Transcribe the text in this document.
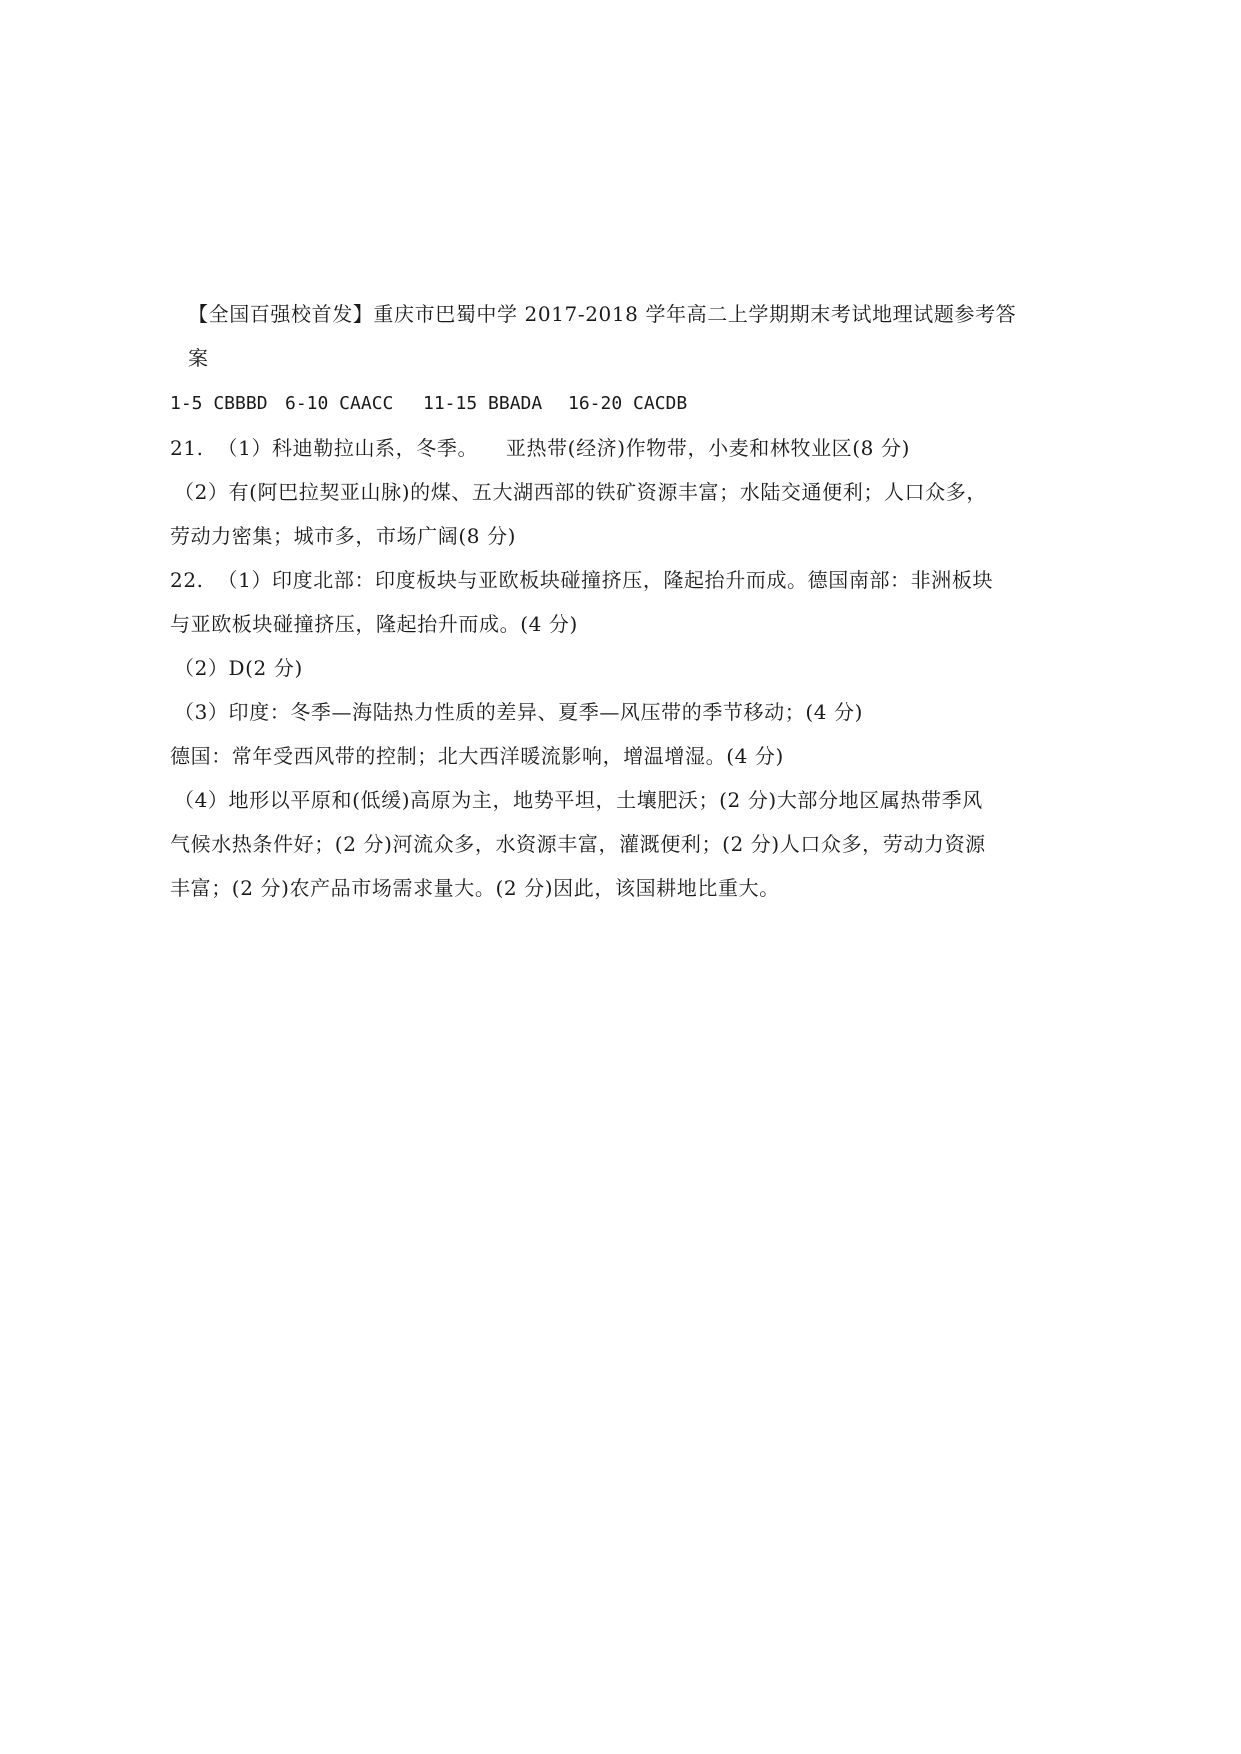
【全国百强校首发】重庆市巴蜀中学 2017-2018 学年高二上学期期末考试地理试题参考答
案
1-5 CBBBD 6-10 CAACC 11-15 BBADA 16-20 CACDB
21.  （1）科迪勒拉山系，冬季。    亚热带(经济)作物带，小麦和林牧业区(8 分)
（2）有(阿巴拉契亚山脉)的煤、五大湖西部的铁矿资源丰富；水陆交通便利；人口众多，
劳动力密集；城市多，市场广阔(8 分)
22.  （1）印度北部：印度板块与亚欧板块碰撞挤压，隆起抬升而成。德国南部：非洲板块
与亚欧板块碰撞挤压，隆起抬升而成。(4 分)
（2）D(2 分)
（3）印度：冬季—海陆热力性质的差异、夏季—风压带的季节移动；(4 分)
德国：常年受西风带的控制；北大西洋暖流影响，增温增湿。(4 分)
（4）地形以平原和(低缓)高原为主，地势平坦，土壤肥沃；(2 分)大部分地区属热带季风
气候水热条件好；(2 分)河流众多，水资源丰富，灌溉便利；(2 分)人口众多，劳动力资源
丰富；(2 分)农产品市场需求量大。(2 分)因此，该国耕地比重大。
